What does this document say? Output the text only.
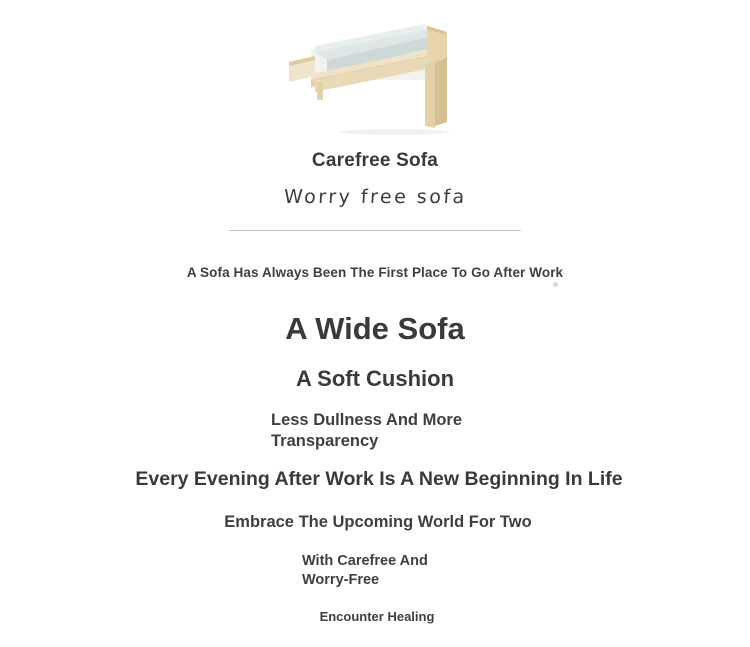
Carefree Sofa
Worry free sofa
A Sofa Has Always Been The First Place To Go After Work
A Wide Sofa
A Soft Cushion
Less Dullness And More Transparency
Every Evening After Work Is A New Beginning In Life
Embrace The Upcoming World For Two
With Carefree And Worry-Free
Encounter Healing
